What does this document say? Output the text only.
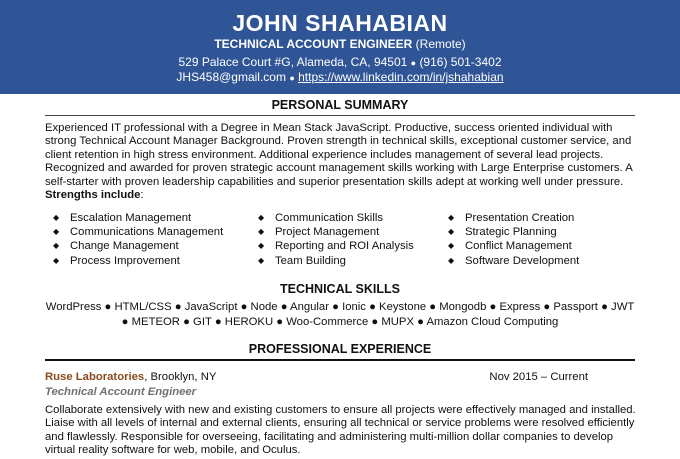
JOHN SHAHABIAN
TECHNICAL ACCOUNT ENGINEER (Remote)
529 Palace Court #G, Alameda, CA, 94501 ● (916) 501-3402
JHS458@gmail.com ● https://www.linkedin.com/in/jshahabian
PERSONAL SUMMARY

Experienced IT professional with a Degree in Mean Stack JavaScript. Productive, success oriented individual with strong Technical Account Manager Background. Proven strength in technical skills, exceptional customer service, and client retention in high stress environment. Additional experience includes management of several lead projects. Recognized and awarded for proven strategic account management skills working with Large Enterprise customers. A self-starter with proven leadership capabilities and superior presentation skills adept at working well under pressure.

Strengths include:

◆ Escalation Management
◆ Communications Management
◆ Change Management
◆ Process Improvement
◆ Communication Skills
◆ Project Management
◆ Reporting and ROI Analysis
◆ Team Building
◆ Presentation Creation
◆ Strategic Planning
◆ Conflict Management
◆ Software Development
TECHNICAL SKILLS
WordPress ● HTML/CSS ● JavaScript ● Node ● Angular ● Ionic ● Keystone ● Mongodb ● Express ● Passport ● JWT
● METEOR ● GIT ● HEROKU ● Woo-Commerce ● MUPX ● Amazon Cloud Computing
PROFESSIONAL EXPERIENCE
Ruse Laboratories, Brooklyn, NY	Nov 2015 – Current
Technical Account Engineer

Collaborate extensively with new and existing customers to ensure all projects were effectively managed and installed. Liaise with all levels of internal and external clients, ensuring all technical or service problems were resolved efficiently and flawlessly. Responsible for overseeing, facilitating and administering multi-million dollar companies to develop virtual reality software for web, mobile, and Oculus.
